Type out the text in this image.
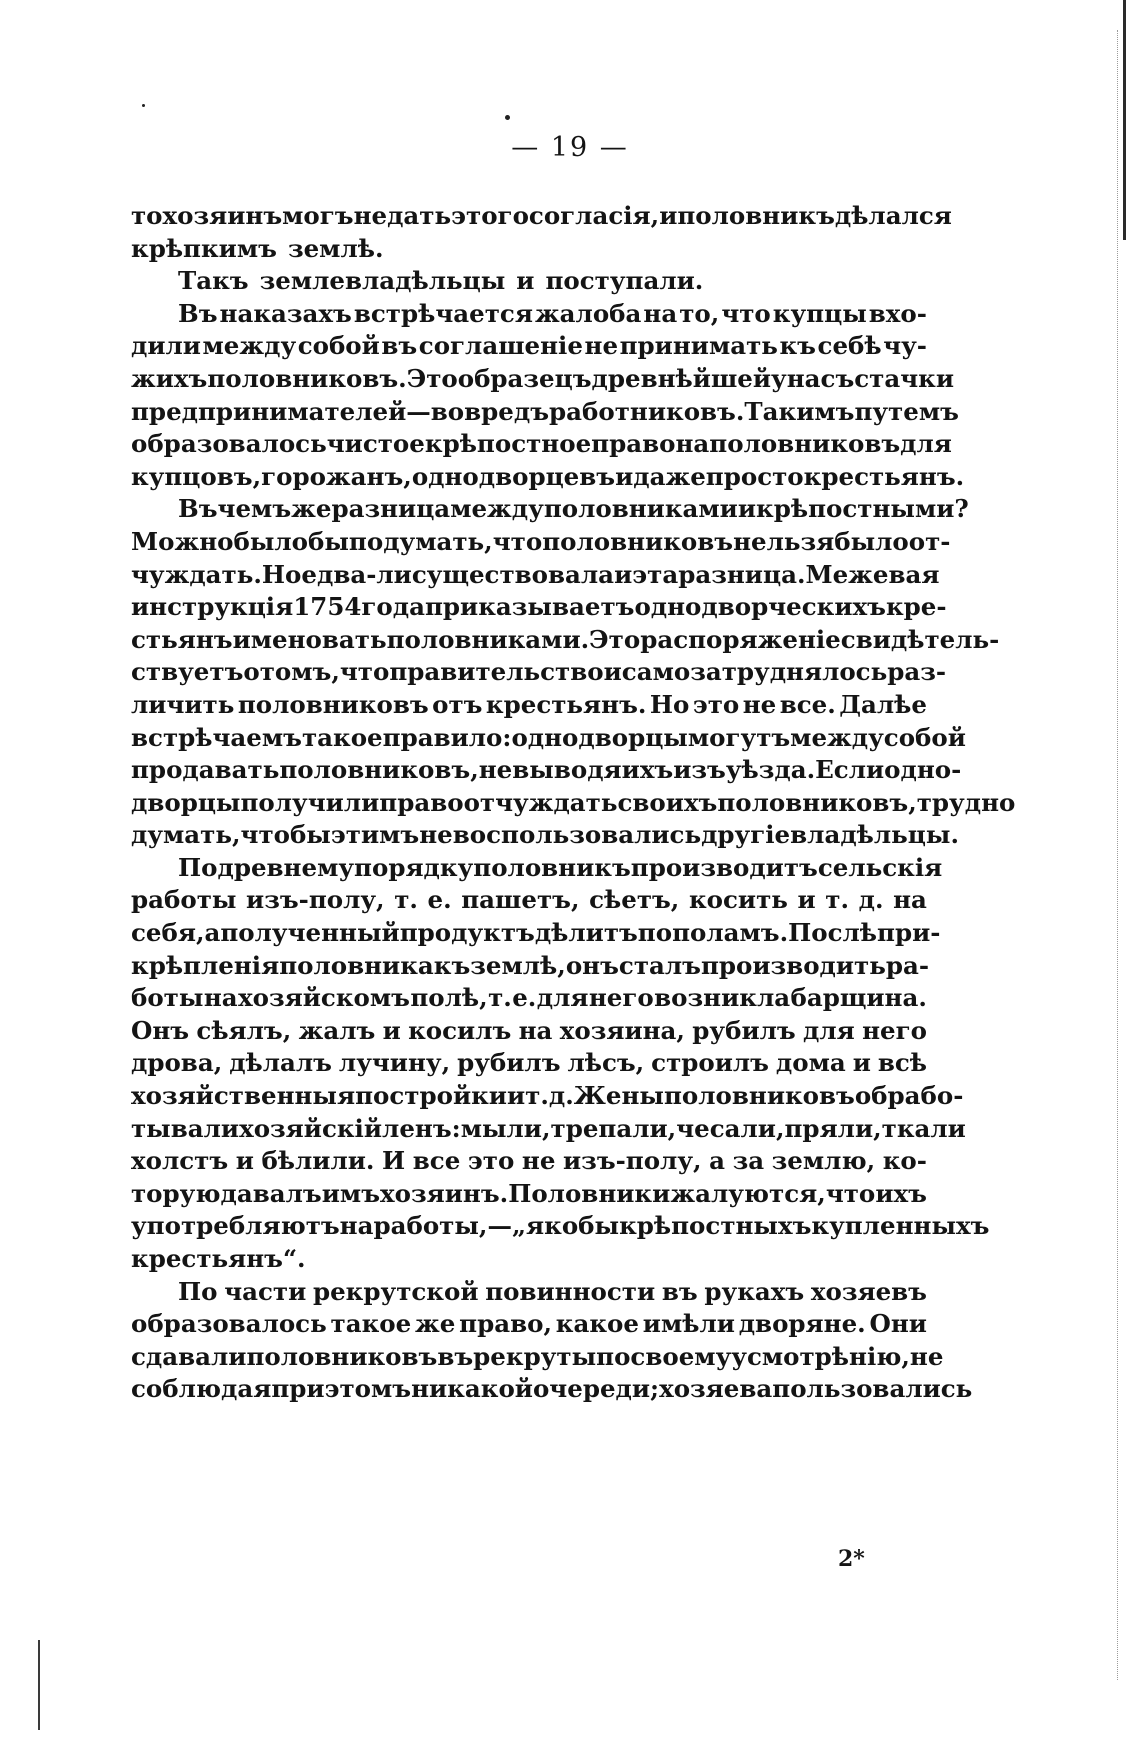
— 19 —
то хозяинъ могъ не дать этого согласія, и половникъ дѣлался
крѣпкимъ землѣ.
Такъ землевладѣльцы и поступали.
Въ наказахъ встрѣчается жалоба на то, что купцы вхо-
дили между собой въ соглашеніе не принимать къ себѣ чу-
жихъ половниковъ. Это образецъ древнѣйшей у насъ стачки
предпринимателей—во вредъ работниковъ. Такимъ путемъ
образовалось чистое крѣпостное право на половниковъ для
купцовъ, горожанъ, однодворцевъ и даже просто крестьянъ.
Въ чемъ же разница между половниками и крѣпостными?
Можно было бы подумать, что половниковъ нельзя было от-
чуждать. Но едва-ли существовала и эта разница. Межевая
инструкція 1754 года приказываетъ однодворческихъ кре-
стьянъ именовать половниками. Это распоряженіе свидѣтель-
ствуетъ о томъ, что правительство и само затруднялось раз-
личить половниковъ отъ крестьянъ. Но это не все. Далѣе
встрѣчаемъ такое правило: однодворцы могутъ между собой
продавать половниковъ, не выводя ихъ изъ уѣзда. Если одно-
дворцы получили право отчуждать своихъ половниковъ, трудно
думать, чтобы этимъ не воспользовались другіе владѣльцы.
По древнему порядку половникъ производитъ сельскія
работы изъ-полу, т. е. пашетъ, сѣетъ, косить и т. д. на
себя, а полученный продуктъ дѣлитъ пополамъ. Послѣ при-
крѣпленія половника къ землѣ, онъ сталъ производить ра-
боты на хозяйскомъ полѣ, т. е. для него возникла барщина.
Онъ сѣялъ, жалъ и косилъ на хозяина, рубилъ для него
дрова, дѣлалъ лучину, рубилъ лѣсъ, строилъ дома и всѣ
хозяйственныя постройки и т. д. Жены половниковъ обрабо-
тывали хозяйскій ленъ: мыли, трепали, чесали, пряли, ткали
холстъ и бѣлили. И все это не изъ-полу, а за землю, ко-
торую давалъ имъ хозяинъ. Половники жалуются, что ихъ
употребляютъ на работы,—„якобы крѣпостныхъ купленныхъ
крестьянъ“.
По части рекрутской повинности въ рукахъ хозяевъ
образовалось такое же право, какое имѣли дворяне. Они
сдавали половниковъ въ рекруты по своему усмотрѣнію, не
соблюдая при этомъ никакой очереди; хозяева пользовались
2*
